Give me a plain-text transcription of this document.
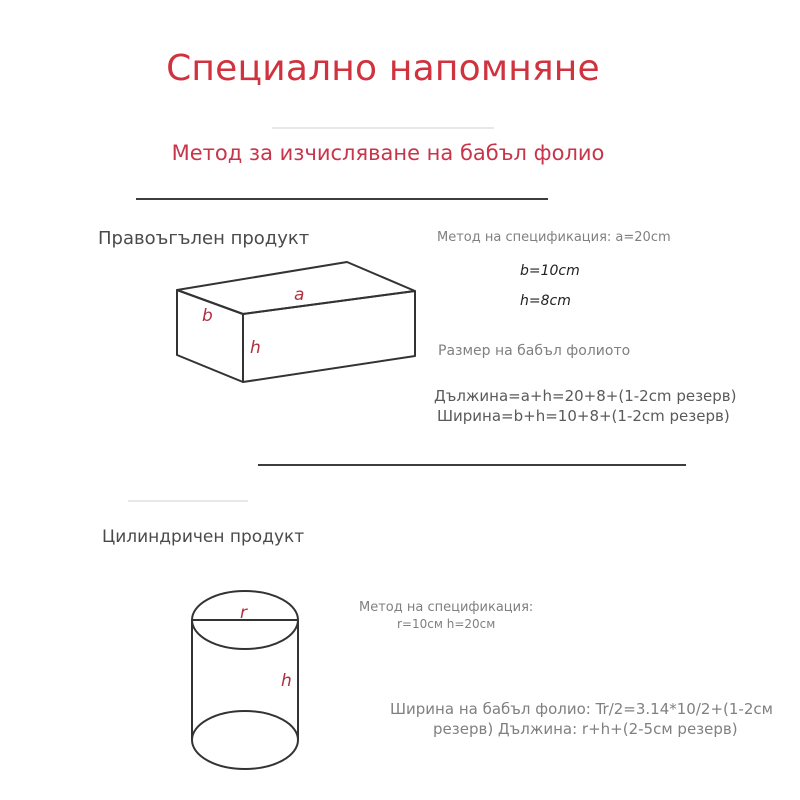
Специално напомняне
Метод за изчисляване на бабъл фолио
Правоъгълен продукт
a
b
h
Метод на спецификация: a=20cm
b=10cm
h=8cm
Размер на бабъл фолиото
Дължина=a+h=20+8+(1-2cm резерв)
Ширина=b+h=10+8+(1-2cm резерв)
Цилиндричен продукт
r
h
Метод на спецификация:
r=10см h=20см
Ширина на бабъл фолио: Tr/2=3.14*10/2+(1-2см
резерв) Дължина: r+h+(2-5см резерв)
